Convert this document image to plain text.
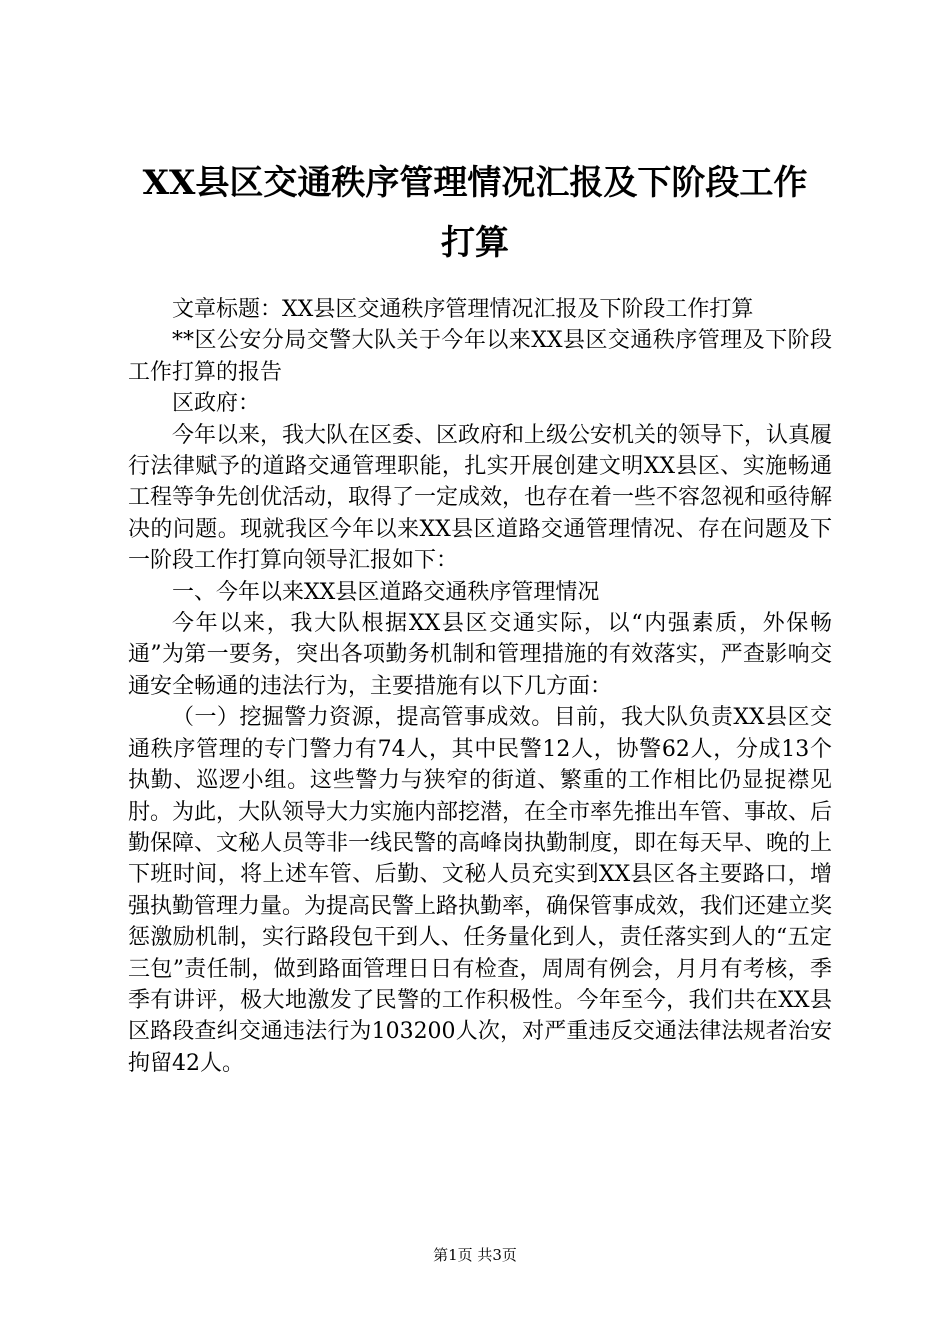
XX县区交通秩序管理情况汇报及下阶段工作
打算

文章标题：XX县区交通秩序管理情况汇报及下阶段工作打算

**区公安分局交警大队关于今年以来XX县区交通秩序管理及下阶段工作打算的报告

区政府：

今年以来，我大队在区委、区政府和上级公安机关的领导下，认真履行法律赋予的道路交通管理职能，扎实开展创建文明XX县区、实施畅通工程等争先创优活动，取得了一定成效，也存在着一些不容忽视和亟待解决的问题。现就我区今年以来XX县区道路交通管理情况、存在问题及下一阶段工作打算向领导汇报如下：

一、今年以来XX县区道路交通秩序管理情况

今年以来，我大队根据XX县区交通实际，以“内强素质，外保畅通”为第一要务，突出各项勤务机制和管理措施的有效落实，严查影响交通安全畅通的违法行为，主要措施有以下几方面：

（一）挖掘警力资源，提高管事成效。目前，我大队负责XX县区交通秩序管理的专门警力有74人，其中民警12人，协警62人，分成13个执勤、巡逻小组。这些警力与狭窄的街道、繁重的工作相比仍显捉襟见肘。为此，大队领导大力实施内部挖潜，在全市率先推出车管、事故、后勤保障、文秘人员等非一线民警的高峰岗执勤制度，即在每天早、晚的上下班时间，将上述车管、后勤、文秘人员充实到XX县区各主要路口，增强执勤管理力量。为提高民警上路执勤率，确保管事成效，我们还建立奖惩激励机制，实行路段包干到人、任务量化到人，责任落实到人的“五定三包”责任制，做到路面管理日日有检查，周周有例会，月月有考核，季季有讲评，极大地激发了民警的工作积极性。今年至今，我们共在XX县区路段查纠交通违法行为103200人次，对严重违反交通法律法规者治安拘留42人。

第1页 共3页
